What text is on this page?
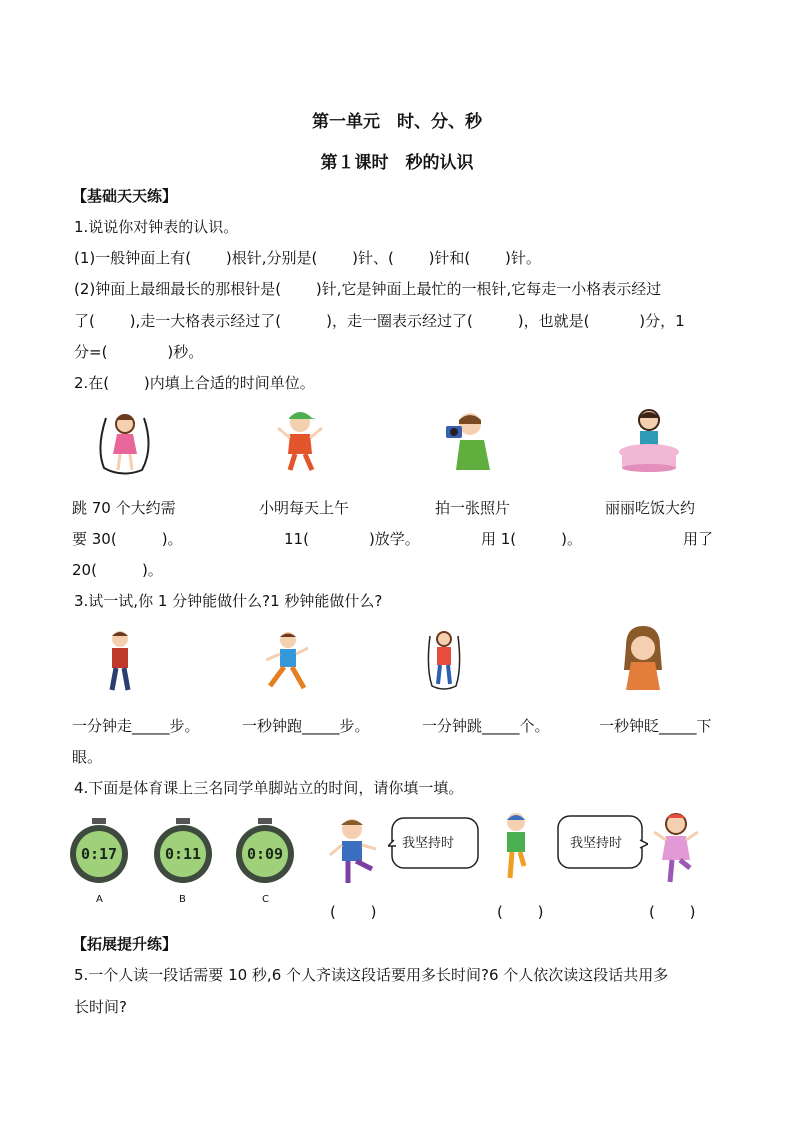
第一单元　时、分、秒
第１课时　秒的认识
【基础天天练】
1.说说你对钟表的认识。
(1)一般钟面上有(　　 )根针,分别是(　　 )针、(　　 )针和(　　 )针。
(2)钟面上最细最长的那根针是(　　 )针,它是钟面上最忙的一根针,它每走一小格表示经过
了(　　 ),走一大格表示经过了(　　　)，走一圈表示经过了(　　　)，也就是(　　　 )分，1
分=(　　　　)秒。
2.在(　　 )内填上合适的时间单位。
跳 70 个大约需	小明每天上午	拍一张照片	丽丽吃饭大约
要 30(　　　)。	11(　　　　)放学。	用 1(　　　)。	用了
20(　　　)。
3.试一试,你 1 分钟能做什么?1 秒钟能做什么?
一分钟走_____步。	一秒钟跑_____步。	一分钟跳_____个。	一秒钟眨_____下
眼。
4.下面是体育课上三名同学单脚站立的时间，请你填一填。
0:17	0:11	0:09
A	B	C
我坚持时	我坚持时
(　　 )	(　　 )	(　　 )
【拓展提升练】
5.一个人读一段话需要 10 秒,6 个人齐读这段话要用多长时间?6 个人依次读这段话共用多
长时间?
